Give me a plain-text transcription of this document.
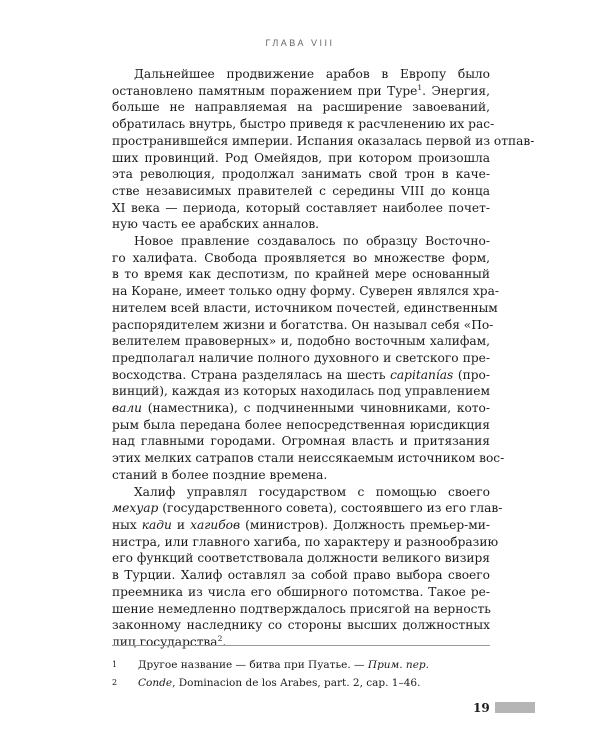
ГЛАВА VIII
Дальнейшее продвижение арабов в Европу было
остановлено памятным поражением при Туре$^1$. Энергия,
больше не направляемая на расширение завоеваний,
обратилась внутрь, быстро приведя к расчленению их рас-
пространившейся империи. Испания оказалась первой из отпав-
ших провинций. Род Омейядов, при котором произошла
эта революция, продолжал занимать свой трон в каче-
стве независимых правителей с середины VIII до конца
XI века — периода, который составляет наиболее почет-
ную часть ее арабских анналов.
Новое правление создавалось по образцу Восточно-
го халифата. Свобода проявляется во множестве форм,
в то время как деспотизм, по крайней мере основанный
на Коране, имеет только одну форму. Суверен являлся хра-
нителем всей власти, источником почестей, единственным
распорядителем жизни и богатства. Он называл себя «По-
велителем правоверных» и, подобно восточным халифам,
предполагал наличие полного духовного и светского пре-
восходства. Страна разделялась на шесть capitanías (про-
винций), каждая из которых находилась под управлением
вали (наместника), с подчиненными чиновниками, кото-
рым была передана более непосредственная юрисдикция
над главными городами. Огромная власть и притязания
этих мелких сатрапов стали неиссякаемым источником вос-
станий в более поздние времена.
Халиф управлял государством с помощью своего
мехуар (государственного совета), состоявшего из его глав-
ных кади и хагибов (министров). Должность премьер-ми-
нистра, или главного хагиба, по характеру и разнообразию
его функций соответствовала должности великого визиря
в Турции. Халиф оставлял за собой право выбора своего
преемника из числа его обширного потомства. Такое ре-
шение немедленно подтверждалось присягой на верность
законному наследнику со стороны высших должностных
лиц государства$^2$.
1	Другое название — битва при Пуатье. — Прим. пер.
2	Conde, Dominacion de los Arabes, part. 2, cap. 1–46.
19
